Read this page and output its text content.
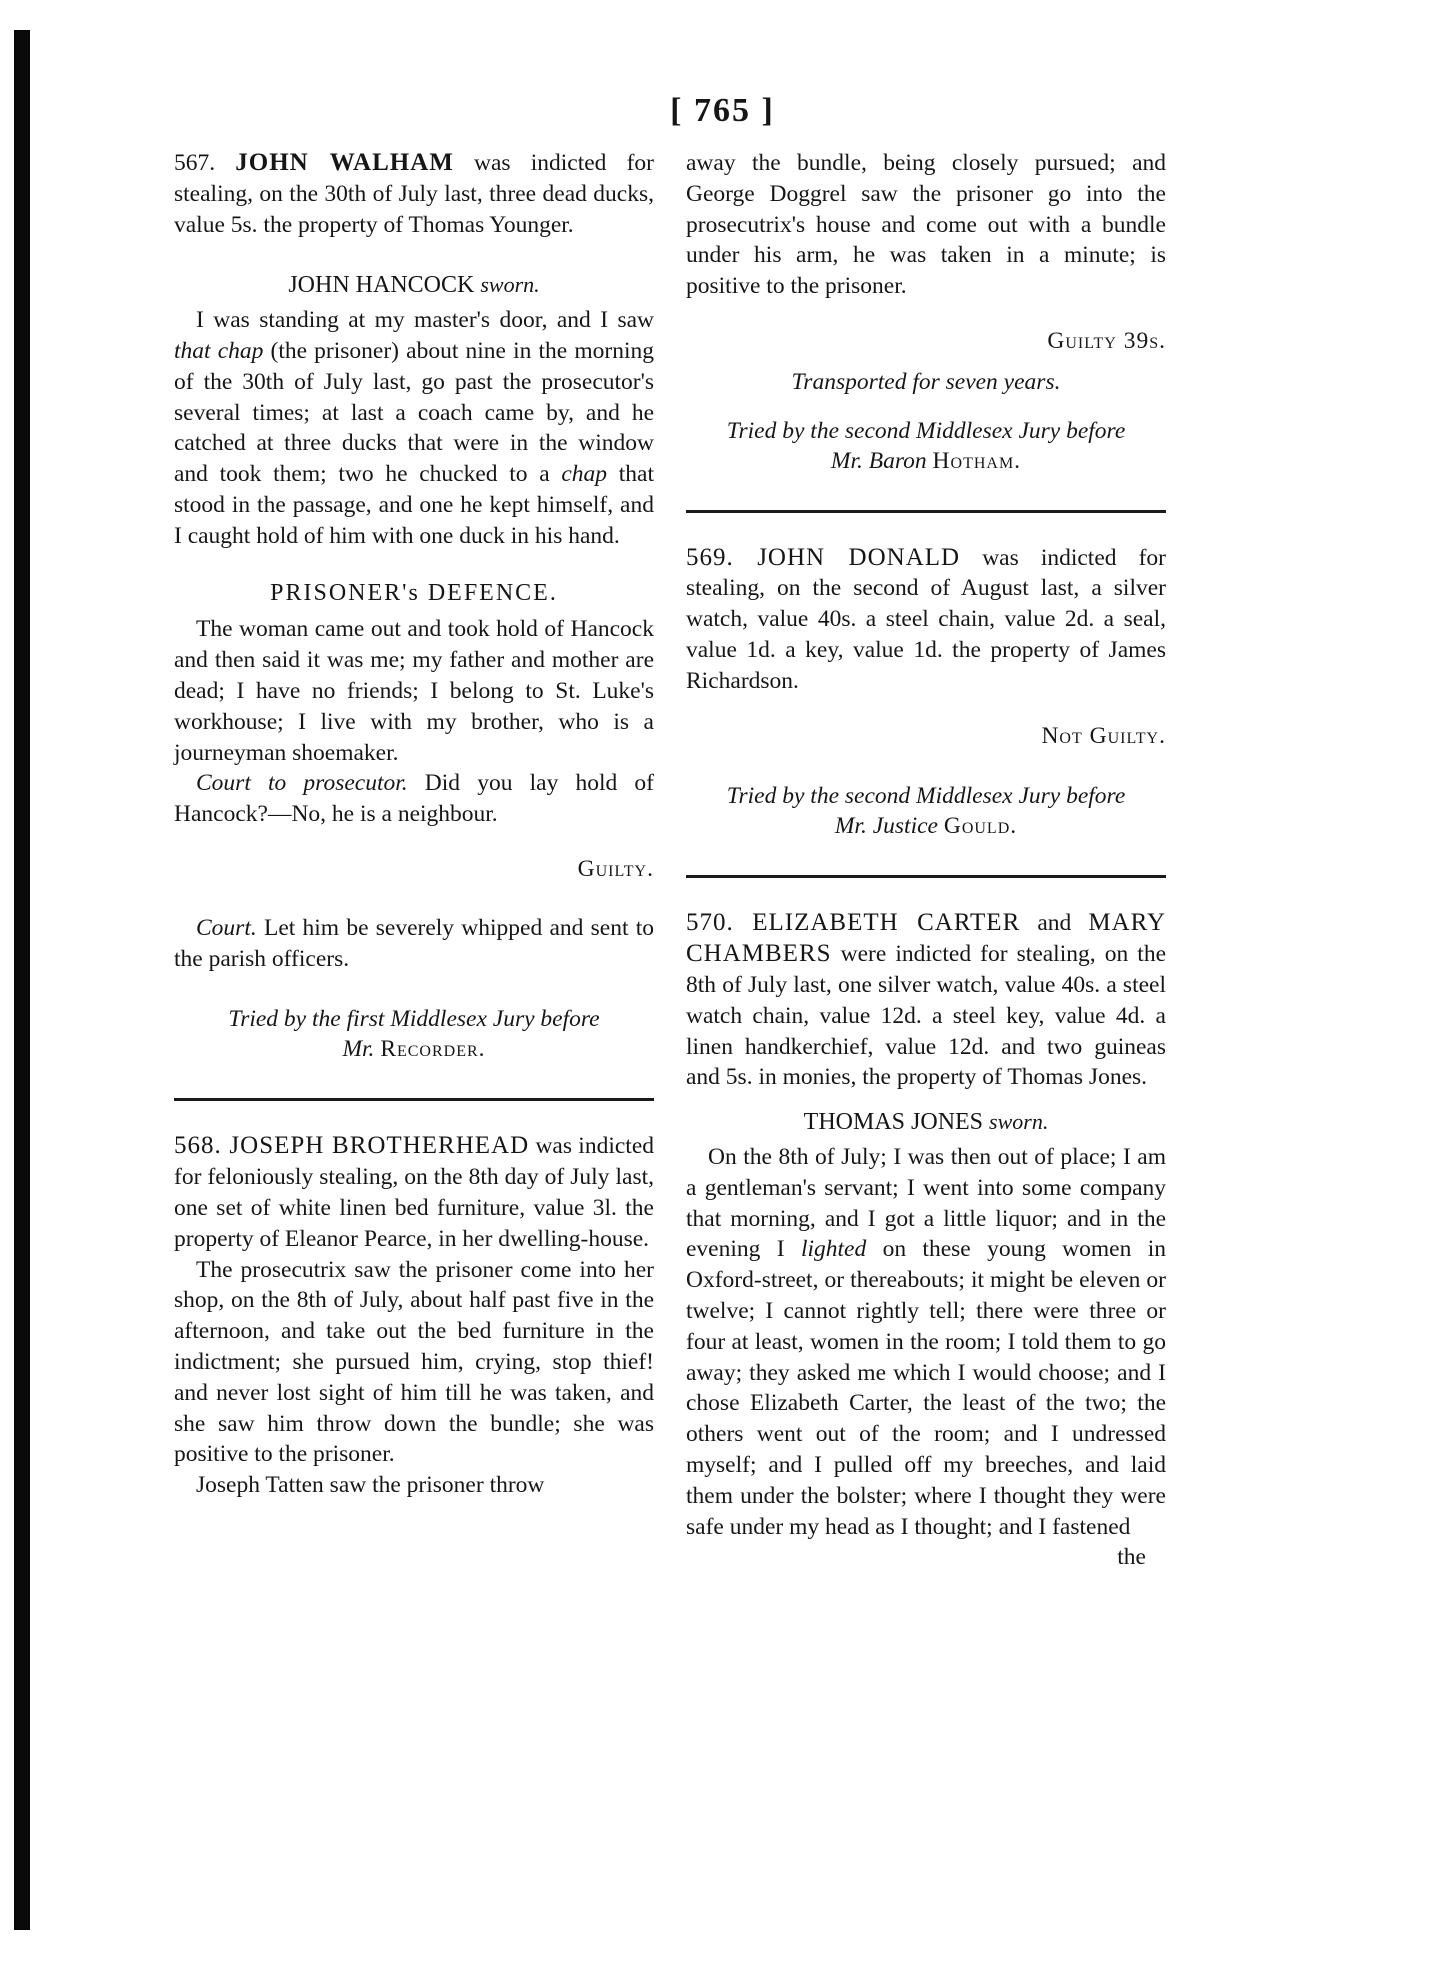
[ 765 ]

567. JOHN WALHAM was indicted for stealing, on the 30th of July last, three dead ducks, value 5s. the property of Thomas Younger.

JOHN HANCOCK sworn.

I was standing at my master's door, and I saw that chap (the prisoner) about nine in the morning of the 30th of July last, go past the prosecutor's several times; at last a coach came by, and he catched at three ducks that were in the window and took them; two he chucked to a chap that stood in the passage, and one he kept himself, and I caught hold of him with one duck in his hand.

PRISONER's DEFENCE.

The woman came out and took hold of Hancock and then said it was me; my father and mother are dead; I have no friends; I belong to St. Luke's workhouse; I live with my brother, who is a journeyman shoemaker.

Court to prosecutor. Did you lay hold of Hancock?—No, he is a neighbour.

Guilty.

Court. Let him be severely whipped and sent to the parish officers.

Tried by the first Middlesex Jury before
Mr. Recorder.

568. JOSEPH BROTHERHEAD was indicted for feloniously stealing, on the 8th day of July last, one set of white linen bed furniture, value 3l. the property of Eleanor Pearce, in her dwelling-house.

The prosecutrix saw the prisoner come into her shop, on the 8th of July, about half past five in the afternoon, and take out the bed furniture in the indictment; she pursued him, crying, stop thief! and never lost sight of him till he was taken, and she saw him throw down the bundle; she was positive to the prisoner.

Joseph Tatten saw the prisoner throw

away the bundle, being closely pursued; and George Doggrel saw the prisoner go into the prosecutrix's house and come out with a bundle under his arm, he was taken in a minute; is positive to the prisoner.

Guilty 39s.
Transported for seven years.
Tried by the second Middlesex Jury before
Mr. Baron Hotham.

569. JOHN DONALD was indicted for stealing, on the second of August last, a silver watch, value 40s. a steel chain, value 2d. a seal, value 1d. a key, value 1d. the property of James Richardson.

Not Guilty.
Tried by the second Middlesex Jury before
Mr. Justice Gould.

570. ELIZABETH CARTER and MARY CHAMBERS were indicted for stealing, on the 8th of July last, one silver watch, value 40s. a steel watch chain, value 12d. a steel key, value 4d. a linen handkerchief, value 12d. and two guineas and 5s. in monies, the property of Thomas Jones.

THOMAS JONES sworn.

On the 8th of July; I was then out of place; I am a gentleman's servant; I went into some company that morning, and I got a little liquor; and in the evening I lighted on these young women in Oxford-street, or thereabouts; it might be eleven or twelve; I cannot rightly tell; there were three or four at least, women in the room; I told them to go away; they asked me which I would choose; and I chose Elizabeth Carter, the least of the two; the others went out of the room; and I undressed myself; and I pulled off my breeches, and laid them under the bolster; where I thought they were safe under my head as I thought; and I fastened

the
